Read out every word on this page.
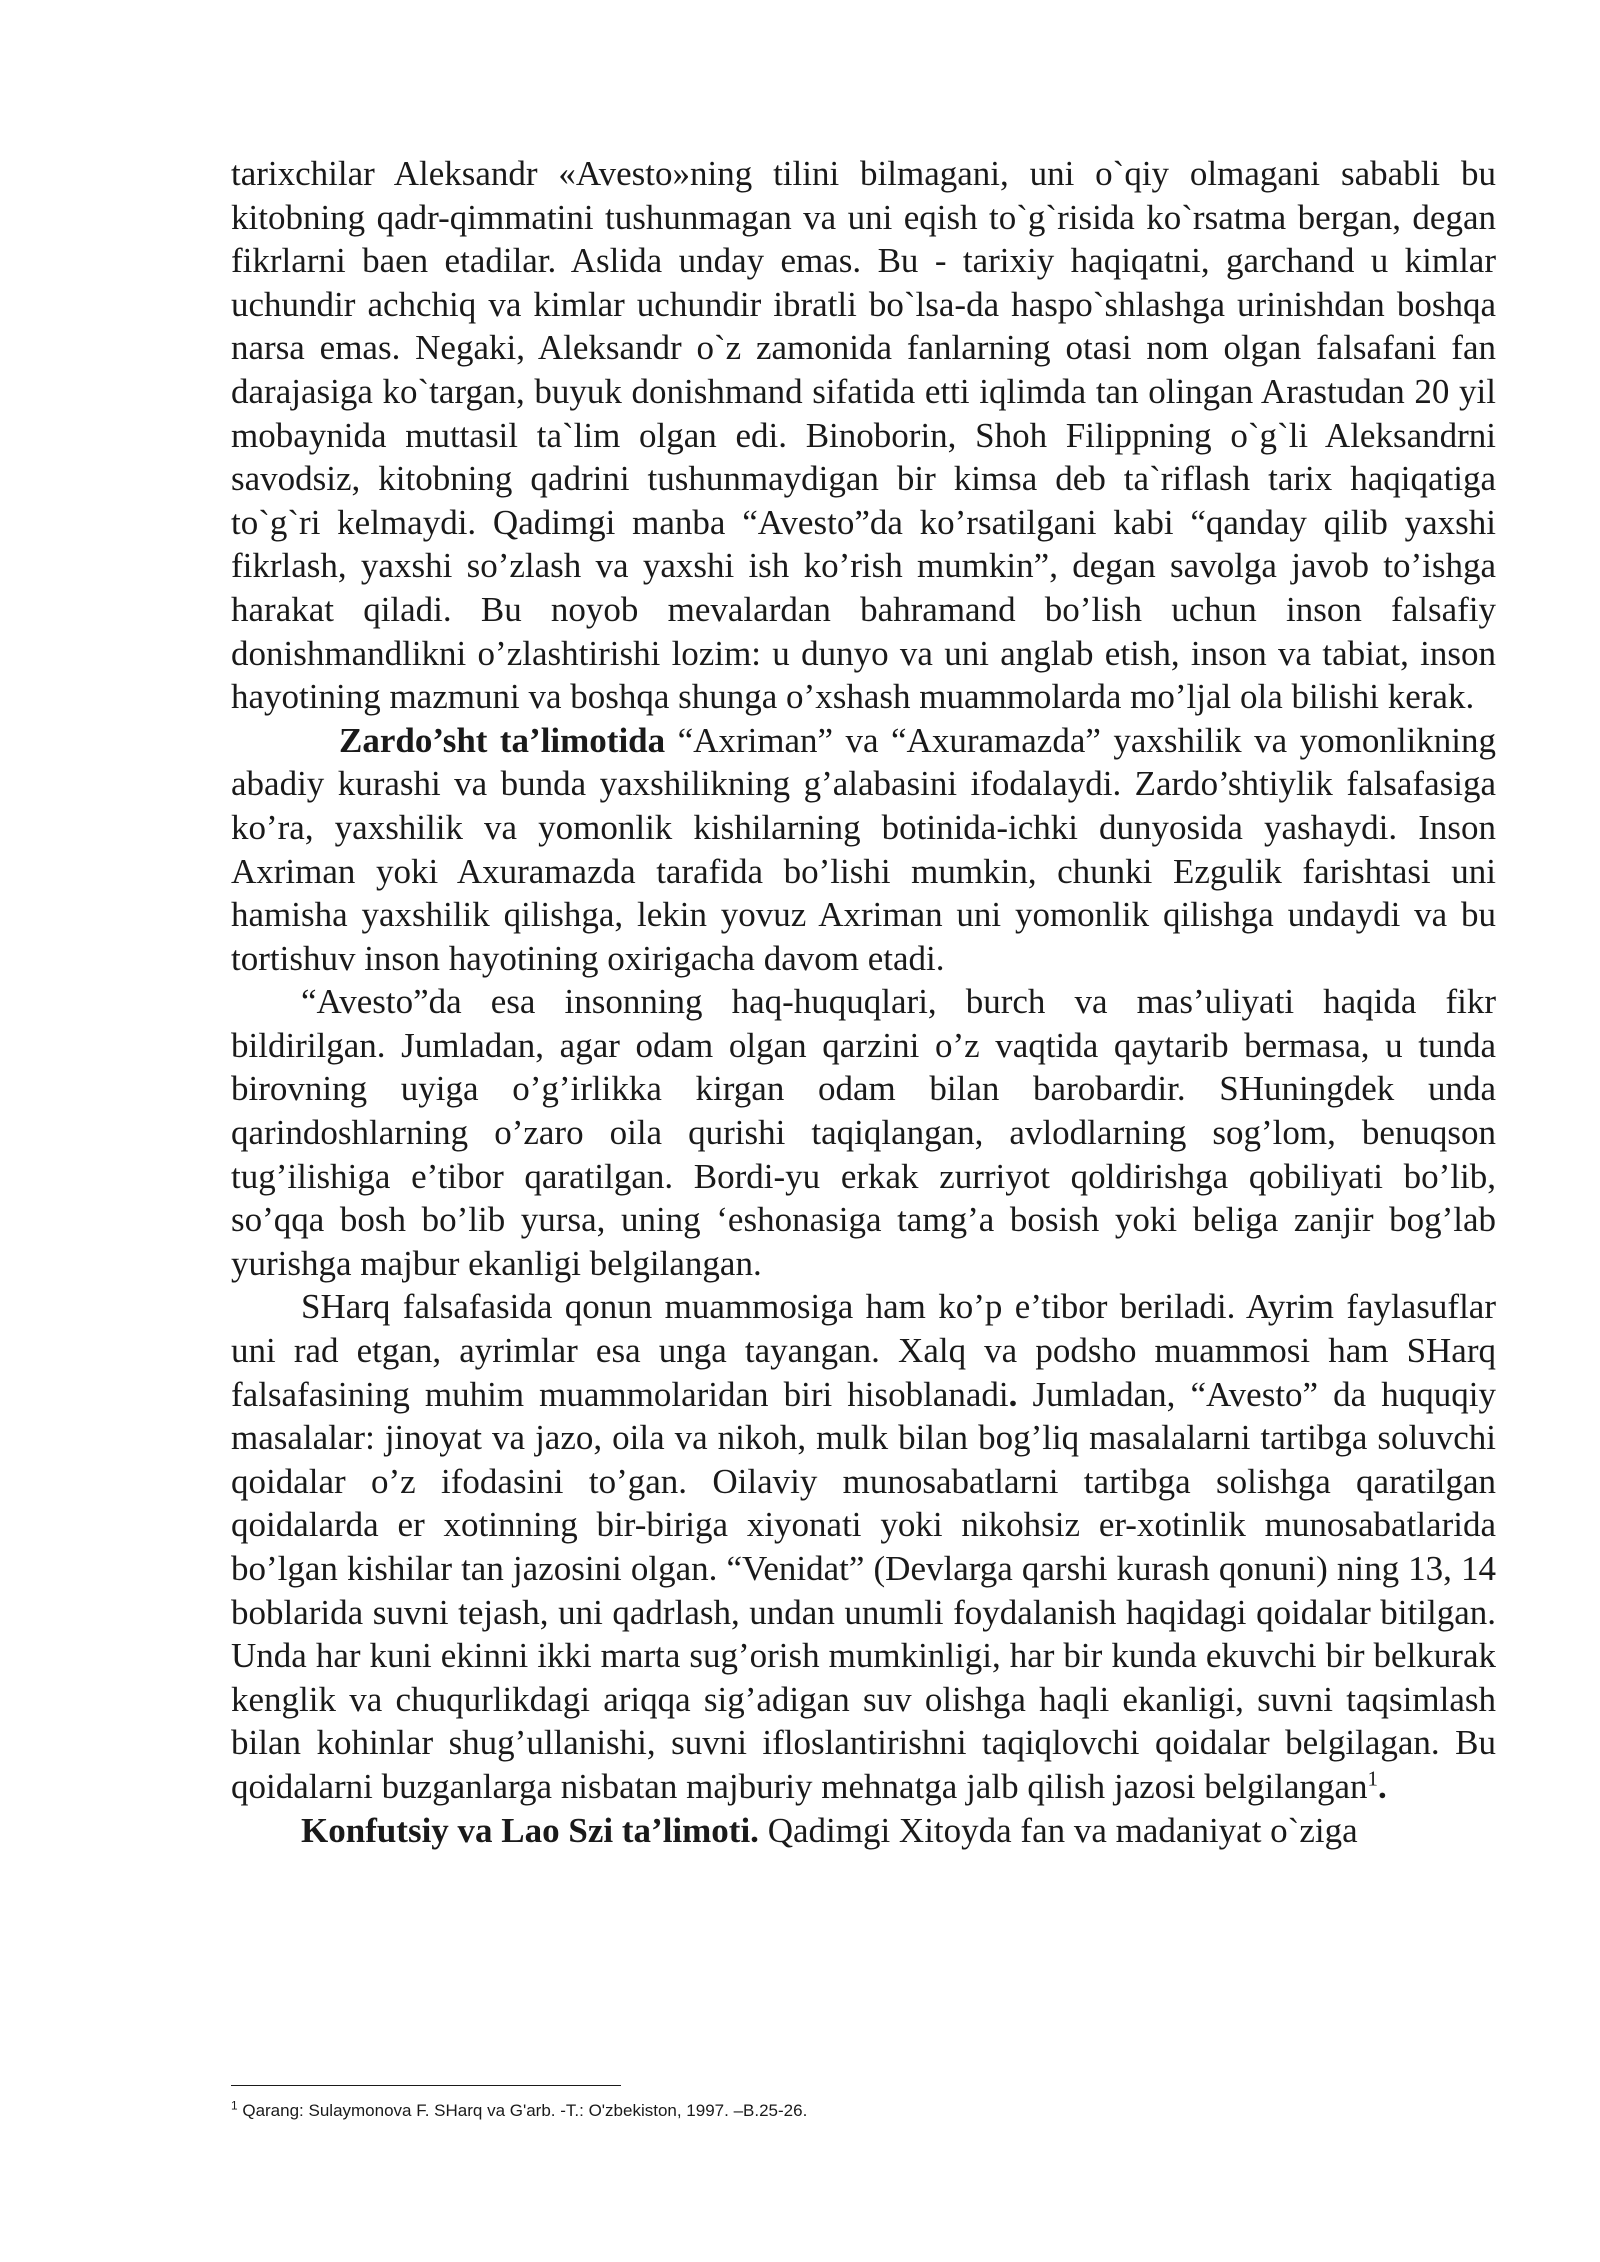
tarixchilar Aleksandr «Avesto»ning tilini bilmagani, uni o`qiy olmagani sababli bu kitobning qadr-qimmatini tushunmagan va uni eqish to`g`risida ko`rsatma bergan, degan fikrlarni baen etadilar. Aslida unday emas. Bu - tarixiy haqiqatni, garchand u kimlar uchundir achchiq va kimlar uchundir ibratli bo`lsa-da haspo`shlashga urinishdan boshqa narsa emas. Negaki, Aleksandr o`z zamonida fanlarning otasi nom olgan falsafani fan darajasiga ko`targan, buyuk donishmand sifatida etti iqlimda tan olingan Arastudan 20 yil mobaynida muttasil ta`lim olgan edi. Binoborin, Shoh Filippning o`g`li Aleksandrni savodsiz, kitobning qadrini tushunmaydigan bir kimsa deb ta`riflash tarix haqiqatiga to`g`ri kelmaydi. Qadimgi manba “Avesto”da ko’rsatilgani kabi “qanday qilib yaxshi fikrlash, yaxshi so’zlash va yaxshi ish ko’rish mumkin”, degan savolga javob to’ishga harakat qiladi. Bu noyob mevalardan bahramand bo’lish uchun inson falsafiy donishmandlikni o’zlashtirishi lozim: u dunyo va uni anglab etish, inson va tabiat, inson hayotining mazmuni va boshqa shunga o’xshash muammolarda mo’ljal ola bilishi kerak.

Zardo’sht ta’limotida “Axriman” va “Axuramazda” yaxshilik va yomonlikning abadiy kurashi va bunda yaxshilikning g’alabasini ifodalaydi. Zardo’shtiylik falsafasiga ko’ra, yaxshilik va yomonlik kishilarning botinida-ichki dunyosida yashaydi. Inson Axriman yoki Axuramazda tarafida bo’lishi mumkin, chunki Ezgulik farishtasi uni hamisha yaxshilik qilishga, lekin yovuz Axriman uni yomonlik qilishga undaydi va bu tortishuv inson hayotining oxirigacha davom etadi.

“Avesto”da esa insonning haq-huquqlari, burch va mas’uliyati haqida fikr bildirilgan. Jumladan, agar odam olgan qarzini o’z vaqtida qaytarib bermasa, u tunda birovning uyiga o’g’irlikka kirgan odam bilan barobardir. SHuningdek unda qarindoshlarning o’zaro oila qurishi taqiqlangan, avlodlarning sog’lom, benuqson tug’ilishiga e’tibor qaratilgan. Bordi-yu erkak zurriyot qoldirishga qobiliyati bo’lib, so’qqa bosh bo’lib yursa, uning ‘eshonasiga tamg’a bosish yoki beliga zanjir bog’lab yurishga majbur ekanligi belgilangan.

SHarq falsafasida qonun muammosiga ham ko’p e’tibor beriladi. Ayrim faylasuflar uni rad etgan, ayrimlar esa unga tayangan. Xalq va podsho muammosi ham SHarq falsafasining muhim muammolaridan biri hisoblanadi. Jumladan, “Avesto” da huquqiy masalalar: jinoyat va jazo, oila va nikoh, mulk bilan bog’liq masalalarni tartibga soluvchi qoidalar o’z ifodasini to’gan. Oilaviy munosabatlarni tartibga solishga qaratilgan qoidalarda er xotinning bir-biriga xiyonati yoki nikohsiz er-xotinlik munosabatlarida bo’lgan kishilar tan jazosini olgan. “Venidat” (Devlarga qarshi kurash qonuni) ning 13, 14 boblarida suvni tejash, uni qadrlash, undan unumli foydalanish haqidagi qoidalar bitilgan. Unda har kuni ekinni ikki marta sug’orish mumkinligi, har bir kunda ekuvchi bir belkurak kenglik va chuqurlikdagi ariqqa sig’adigan suv olishga haqli ekanligi, suvni taqsimlash bilan kohinlar shug’ullanishi, suvni ifloslantirishni taqiqlovchi qoidalar belgilagan. Bu qoidalarni buzganlarga nisbatan majburiy mehnatga jalb qilish jazosi belgilangan$^1$.

Konfutsiy va Lao Szi ta’limoti. Qadimgi Xitoyda fan va madaniyat o`ziga

$^1$ Qarang: Sulaymonova F. SHarq va G'arb. -T.: O'zbekiston, 1997. –B.25-26.
